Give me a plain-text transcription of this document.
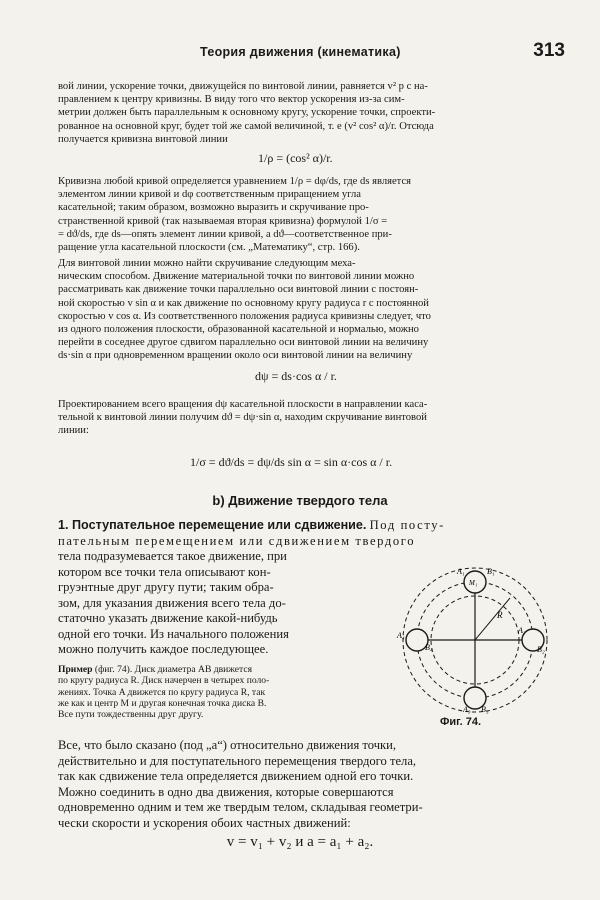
Теория движения (кинематика)	313
вой линии, ускорение точки, движущейся по винтовой линии, равняется v² р с на-
правлением к центру кривизны. В виду того что вектор ускорения из-за сим-
метрии должен быть параллельным к основному кругу, ускорение точки, спроекти-
рованное на основной круг, будет той же самой величиной, т. е (v² cos² α)/r. Отсюда
получается кривизна винтовой линии
1/ρ = (cos² α)/r.
Кривизна любой кривой определяется уравнением 1/ρ = dφ/ds, где ds является
элементом линии кривой и dφ соответственным приращением угла
касательной; таким образом, возможно выразить и скручивание про-
странственной кривой (так называемая вторая кривизна) формулой 1/σ =
= dϑ/ds, где ds—опять элемент линии кривой, a dϑ—соответственное при-
ращение угла касательной плоскости (см. „Математику“, стр. 166).
Для винтовой линии можно найти скручивание следующим меха-
ническим способом. Движение материальной точки по винтовой линии можно
рассматривать как движение точки параллельно оси винтовой линии с постоян-
ной скоростью v sin α и как движение по основному кругу радиуса r с постоянной
скоростью v cos α. Из соответственного положения радиуса кривизны следует, что
из одного положения плоскости, образованной касательной и нормалью, можно
перейти в соседнее другое сдвигом параллельно оси винтовой линии на величину
ds·sin α при одновременном вращении около оси винтовой линии на величину
dψ = ds·cos α / r.
Проектированием всего вращения dψ касательной плоскости в направлении каса-
тельной к винтовой линии получим dϑ = dψ·sin α, находим скручивание винтовой
линии:
1/σ = dϑ/ds = dψ/ds sin α = sin α·cos α / r.
b) Движение твердого тела
1. Поступательное перемещение или сдвижение. Под посту-
пательным перемещением или сдвижением твердого
тела подразумевается такое движение, при
котором все точки тела описывают кон-
груэнтные друг другу пути; таким обра-
зом, для указания движения всего тела до-
статочно указать движение какой-нибудь
одной его точки. Из начального положения
можно получить каждое последующее.
Пример (фиг. 74). Диск диаметра AB движется
по кругу радиуса R. Диск начерчен в четырех поло-
жениях. Точка A движется по кругу радиуса R, так
же как и центр M и другая конечная точка диска B.
Все пути тождественны друг другу.
A₁	B₁
M₁
A₂
B₂
A₃ B₃
A₄
B₄
R
Фиг. 74.
Все, что было сказано (под „а“) относительно движения точки,
действительно и для поступательного перемещения твердого тела,
так как сдвижение тела определяется движением одной его точки.
Можно соединить в одно два движения, которые совершаются
одновременно одним и тем же твердым телом, складывая геометри-
чески скорости и ускорения обоих частных движений:
v = v₁ + v₂ и a = a₁ + a₂.
